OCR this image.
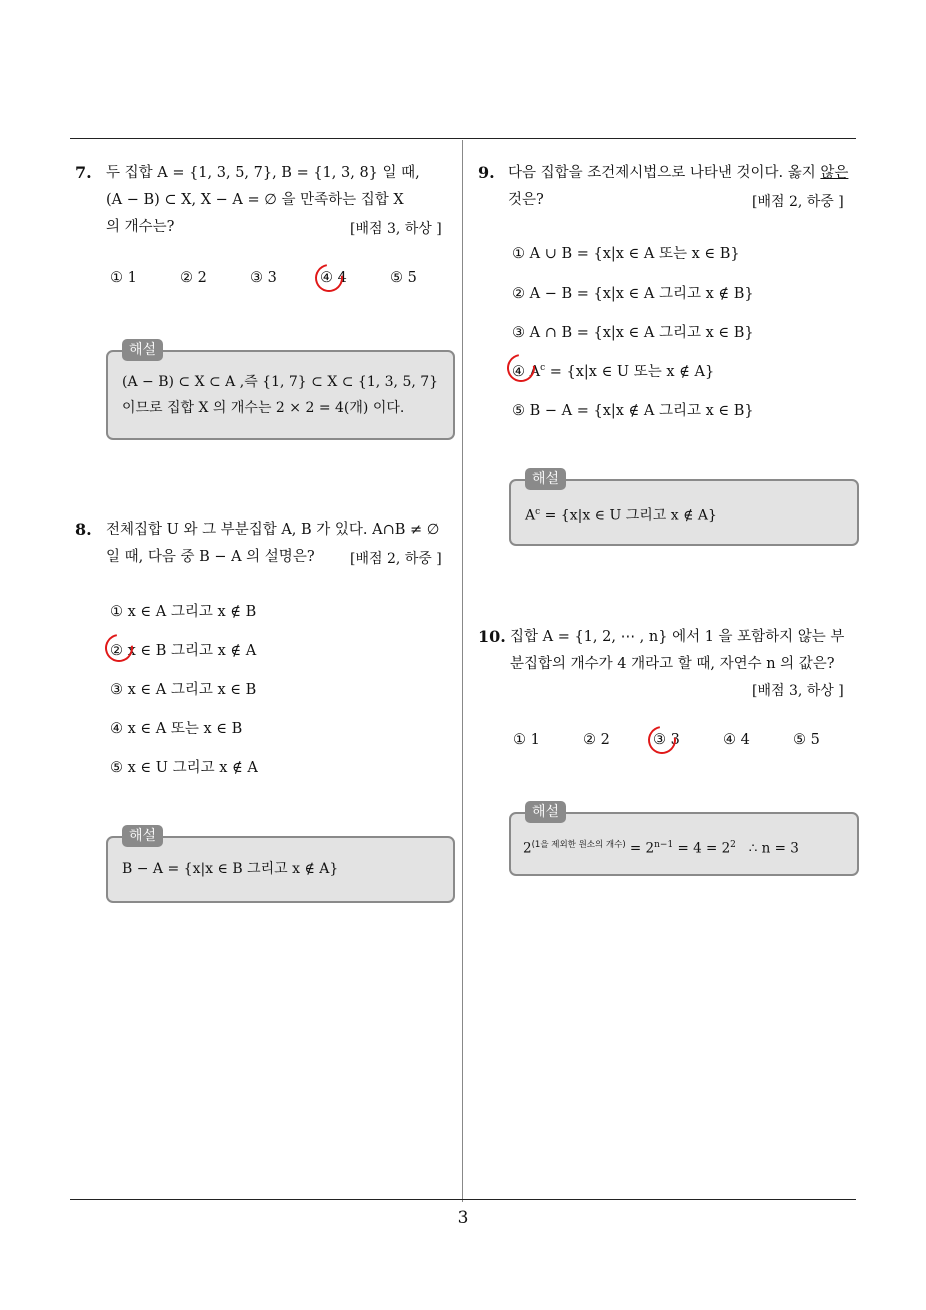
7. 두 집합 A = {1, 3, 5, 7}, B = {1, 3, 8} 일 때,
(A − B) ⊂ X, X − A = ∅ 을 만족하는 집합 X
의 개수는?	[배점 3, 하상 ]
① 1	② 2	③ 3	④ 4	⑤ 5
해설
(A − B) ⊂ X ⊂ A ,즉 {1, 7} ⊂ X ⊂ {1, 3, 5, 7}
이므로 집합 X 의 개수는 2 × 2 = 4(개) 이다.
8. 전체집합 U 와 그 부분집합 A, B 가 있다. A∩B ≠ ∅
일 때, 다음 중 B − A 의 설명은?	[배점 2, 하중 ]
① x ∈ A 그리고 x ∉ B
② x ∈ B 그리고 x ∉ A
③ x ∈ A 그리고 x ∈ B
④ x ∈ A 또는 x ∈ B
⑤ x ∈ U 그리고 x ∉ A
해설
B − A = {x|x ∈ B 그리고 x ∉ A}
9. 다음 집합을 조건제시법으로 나타낸 것이다. 옳지 않은
것은?	[배점 2, 하중 ]
① A ∪ B = {x|x ∈ A 또는 x ∈ B}
② A − B = {x|x ∈ A 그리고 x ∉ B}
③ A ∩ B = {x|x ∈ A 그리고 x ∈ B}
④ $A^c = \{x|x$ ∈ U 또는 x ∉ A}
⑤ B − A = {x|x ∉ A 그리고 x ∈ B}
해설
$A^c = \{x|x$ ∈ U 그리고 x ∉ A}
10. 집합 A = {1, 2, ⋯ , n} 에서 1 을 포함하지 않는 부
분집합의 개수가 4 개라고 할 때, 자연수 n 의 값은?
[배점 3, 하상 ]
① 1	② 2	③ 3	④ 4	⑤ 5
해설
$2^{(1을 제외한 원소의 개수)} = 2^{n-1} = 4 = 2^2$   ∴ n = 3
3
